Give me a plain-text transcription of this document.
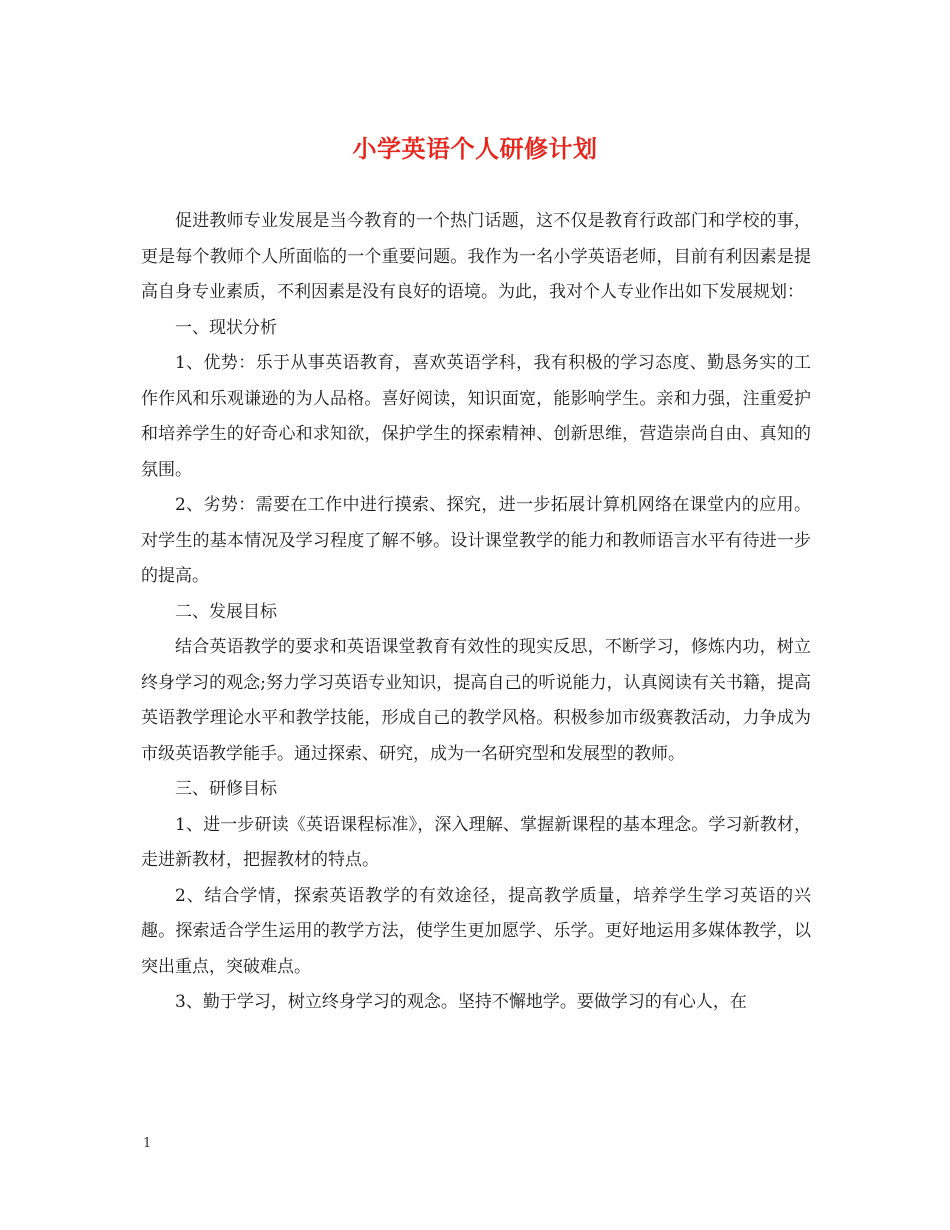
小学英语个人研修计划

促进教师专业发展是当今教育的一个热门话题，这不仅是教育行政部门和学校的事，更是每个教师个人所面临的一个重要问题。我作为一名小学英语老师，目前有利因素是提高自身专业素质，不利因素是没有良好的语境。为此，我对个人专业作出如下发展规划：

一、现状分析

1、优势：乐于从事英语教育，喜欢英语学科，我有积极的学习态度、勤恳务实的工作作风和乐观谦逊的为人品格。喜好阅读，知识面宽，能影响学生。亲和力强，注重爱护和培养学生的好奇心和求知欲，保护学生的探索精神、创新思维，营造崇尚自由、真知的氛围。

2、劣势：需要在工作中进行摸索、探究，进一步拓展计算机网络在课堂内的应用。对学生的基本情况及学习程度了解不够。设计课堂教学的能力和教师语言水平有待进一步的提高。

二、发展目标

结合英语教学的要求和英语课堂教育有效性的现实反思，不断学习，修炼内功，树立终身学习的观念;努力学习英语专业知识，提高自己的听说能力，认真阅读有关书籍，提高英语教学理论水平和教学技能，形成自己的教学风格。积极参加市级赛教活动，力争成为市级英语教学能手。通过探索、研究，成为一名研究型和发展型的教师。

三、研修目标

1、进一步研读《英语课程标准》，深入理解、掌握新课程的基本理念。学习新教材，走进新教材，把握教材的特点。

2、结合学情，探索英语教学的有效途径，提高教学质量，培养学生学习英语的兴趣。探索适合学生运用的教学方法，使学生更加愿学、乐学。更好地运用多媒体教学，以突出重点，突破难点。

3、勤于学习，树立终身学习的观念。坚持不懈地学。要做学习的有心人，在

1
